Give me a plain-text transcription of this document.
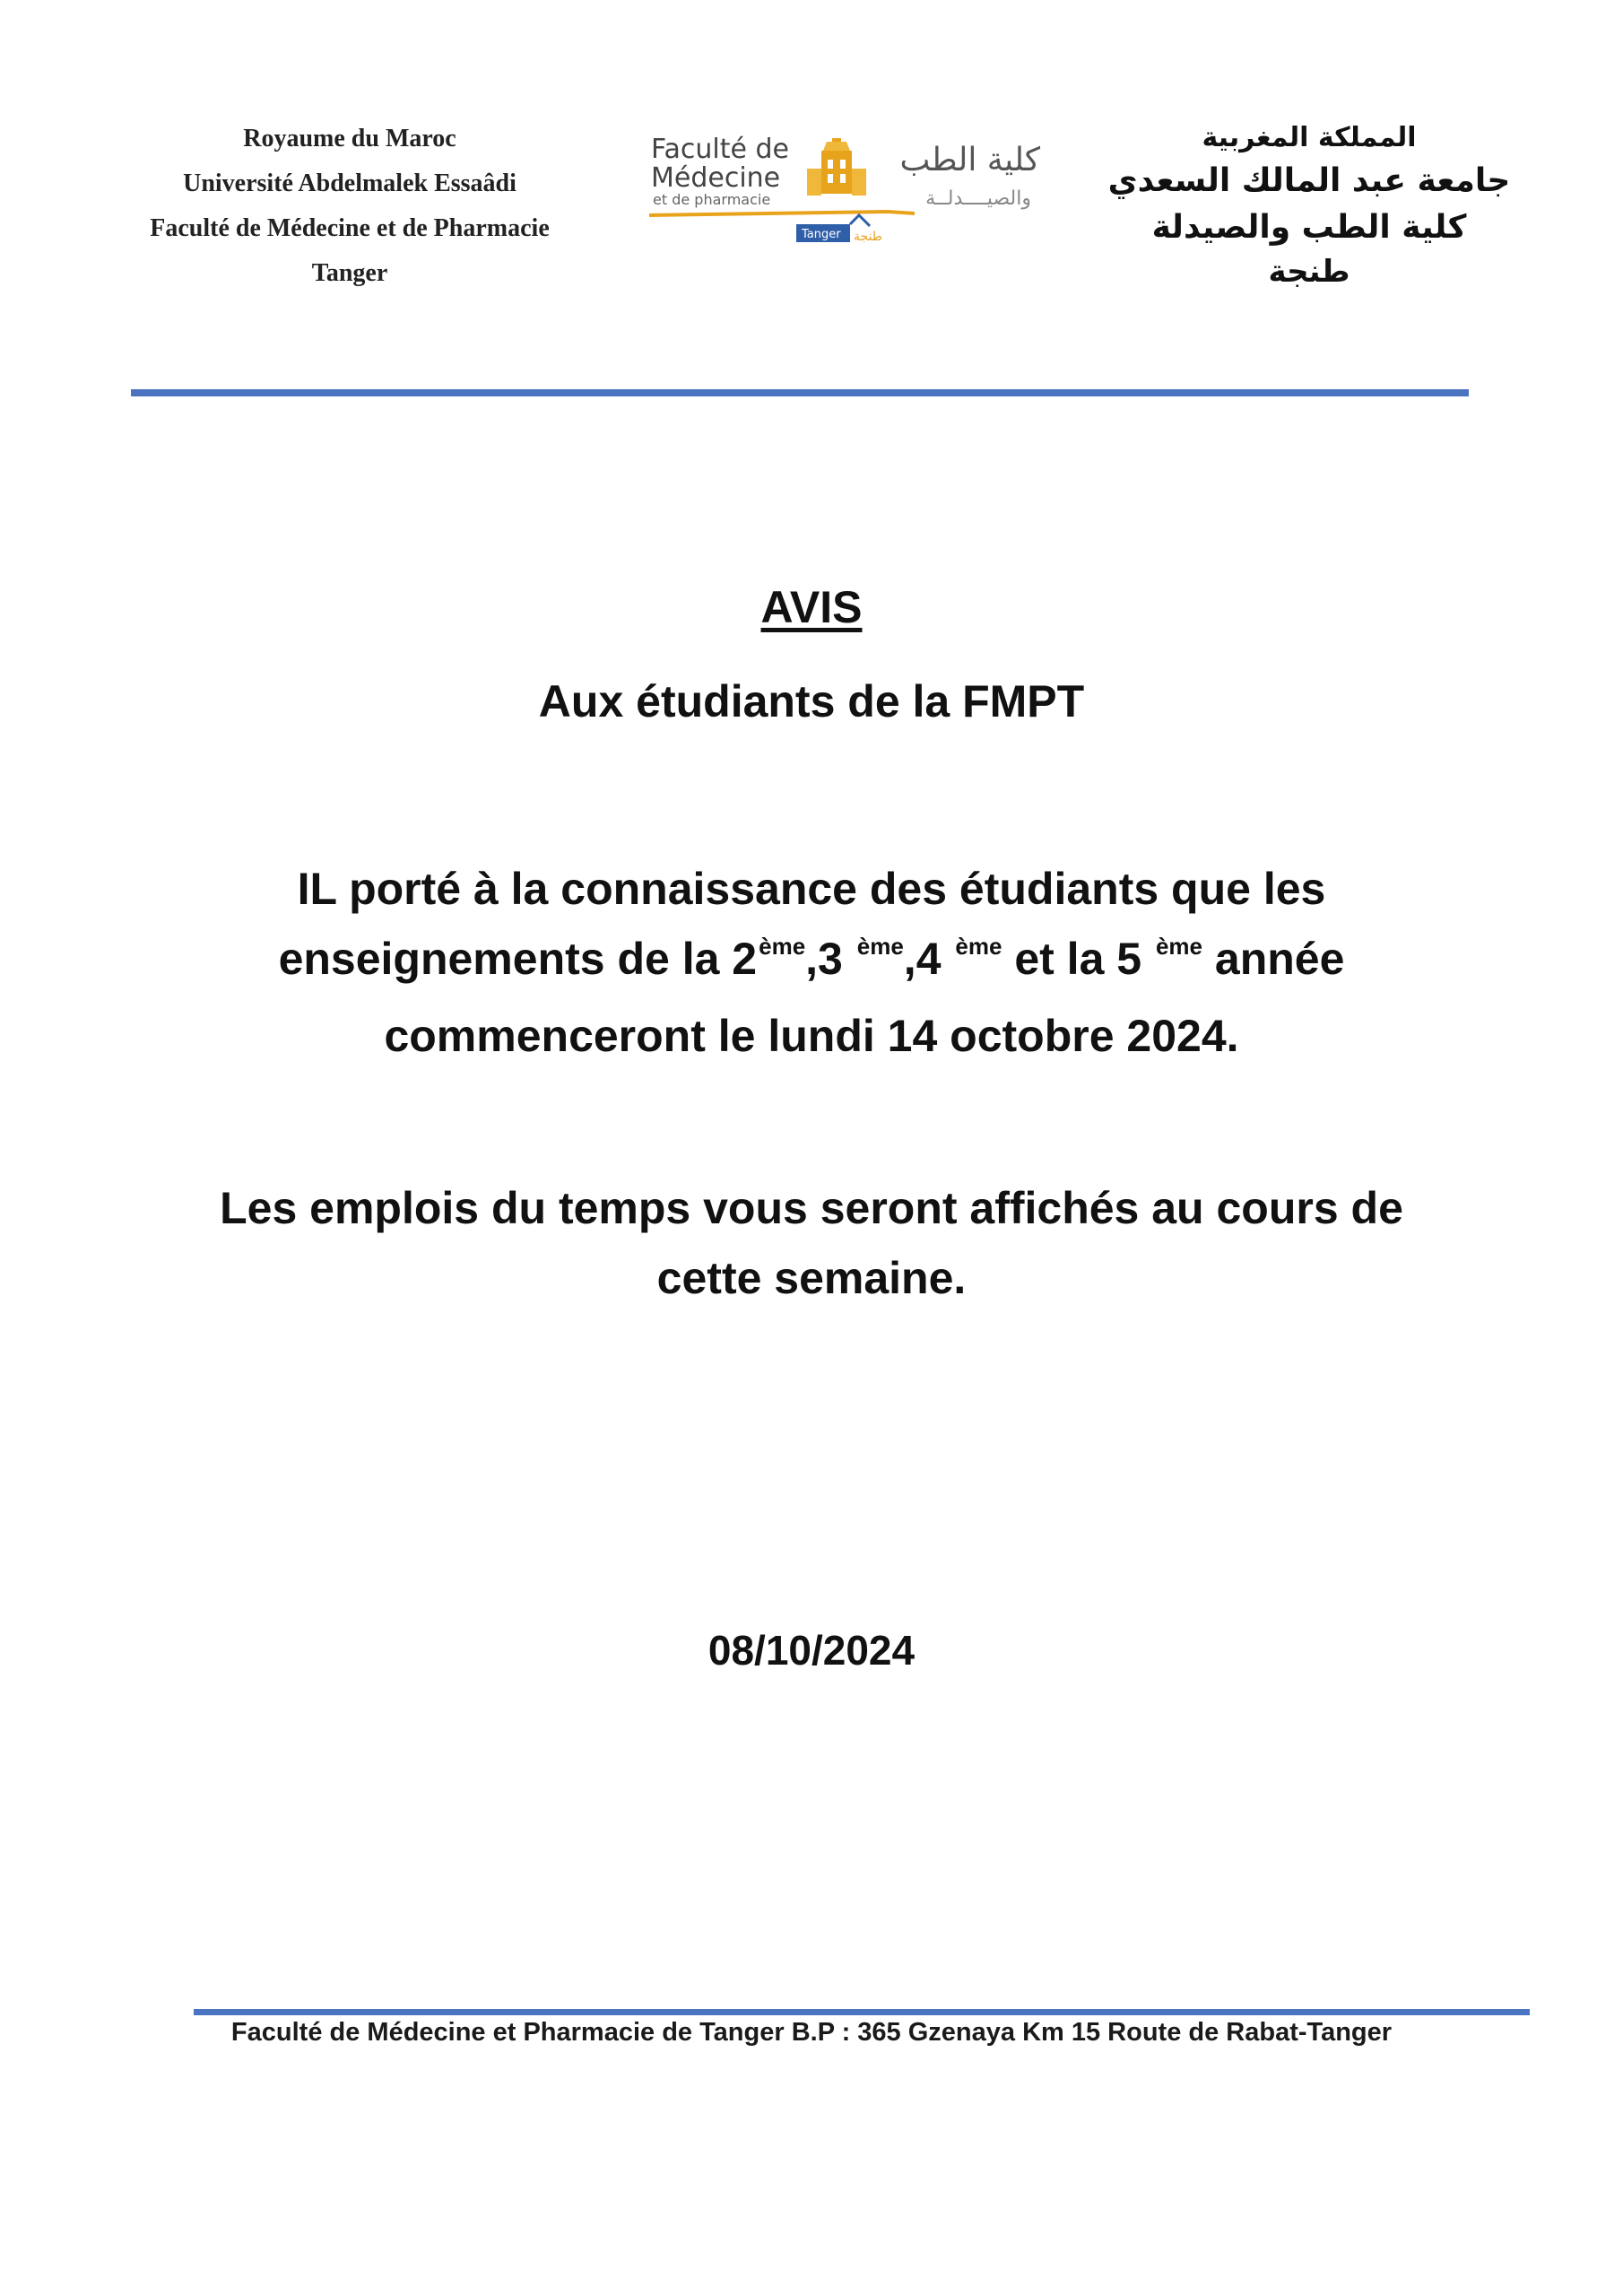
Royaume du Maroc
Université Abdelmalek Essaâdi
Faculté de Médecine et de Pharmacie
Tanger
Faculté de
Médecine
et de pharmacie
Tanger طنجة
كلية الطب
والصيــــدلــة
المملكة المغربية
جامعة عبد المالك السعدي
كلية الطب والصيدلة
طنجة
AVIS
Aux étudiants de la FMPT
IL porté à la connaissance des étudiants que les
enseignements de la 2ème,3 $^{ème}$,4 $^{ème}$ et la 5 $^{ème}$ année
commenceront le lundi 14 octobre 2024.
Les emplois du temps vous seront affichés au cours de
cette semaine.
08/10/2024
Faculté de Médecine et Pharmacie de Tanger B.P : 365 Gzenaya Km 15 Route de Rabat-Tanger
